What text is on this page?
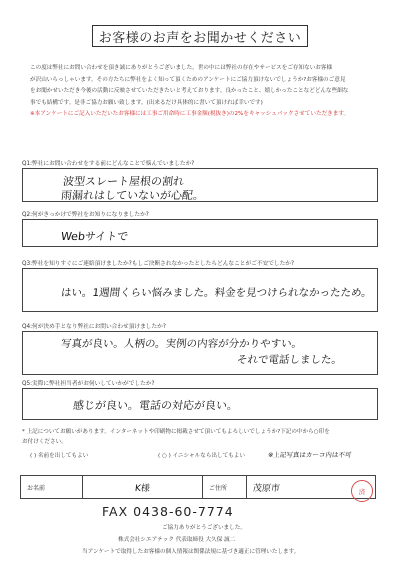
お客様のお声をお聞かせください

この度は弊社にお問い合わせを頂き誠にありがとうございました。世の中には弊社の存在やサービスをご存知ないお客様

が沢山いらっしゃいます。その方たちに弊社をよく知って頂くためのアンケートにご協力頂けないでしょうか?お客様のご意見

をお聞かせいただき今後の活動に反映させていただきたいと考えております。良かったこと、嬉しかったことなどどんな些細な

事でも結構です。是非ご協力お願い致します。(出来るだけ具体的に書いて頂ければ幸いです)

※本アンケートにご記入いただいたお客様には工事ご用命時に工事金額(税抜き)の2%をキャッシュバックさせていただきます。

Q1:弊社にお問い合わせをする前にどんなことで悩んでいましたか?
波型スレート屋根の割れ
雨漏れはしていないが心配。
Q2:何がきっかけで弊社をお知りになりましたか?
Webサイトで
Q3:弊社を知りすぐにご連絡頂けましたか?もしご決断されなかったとしたらどんなことがご不安でしたか?
はい。1週間くらい悩みました。料金を見つけられなかったため。
Q4:何が決め手となり弊社にお問い合わせ頂けましたか?
写真が良い。人柄の。実例の内容が分かりやすい。
それで電話しました。
Q5:実際に弊社担当者がお伺いしていかがでしたか?
感じが良い。電話の対応が良い。
* 上記についてお願いがあります。インターネットや印刷物に掲載させて頂いてもよろしいでしょうか?下記の中から○印を
お付けください。
( ) 名前を出してもよい	( ○ ) イニシャルなら出してもよい	※上記写真はカーコ内は不可
お名前	K様	ご住所	茂原市	済
FAX 0438-60-7774
ご協力ありがとうございました。
株式会社シエアテック 代表取締役 大久保 誠二
当アンケートで取得したお客様の個人情報は関係法規に基づき適正に管理いたします。
